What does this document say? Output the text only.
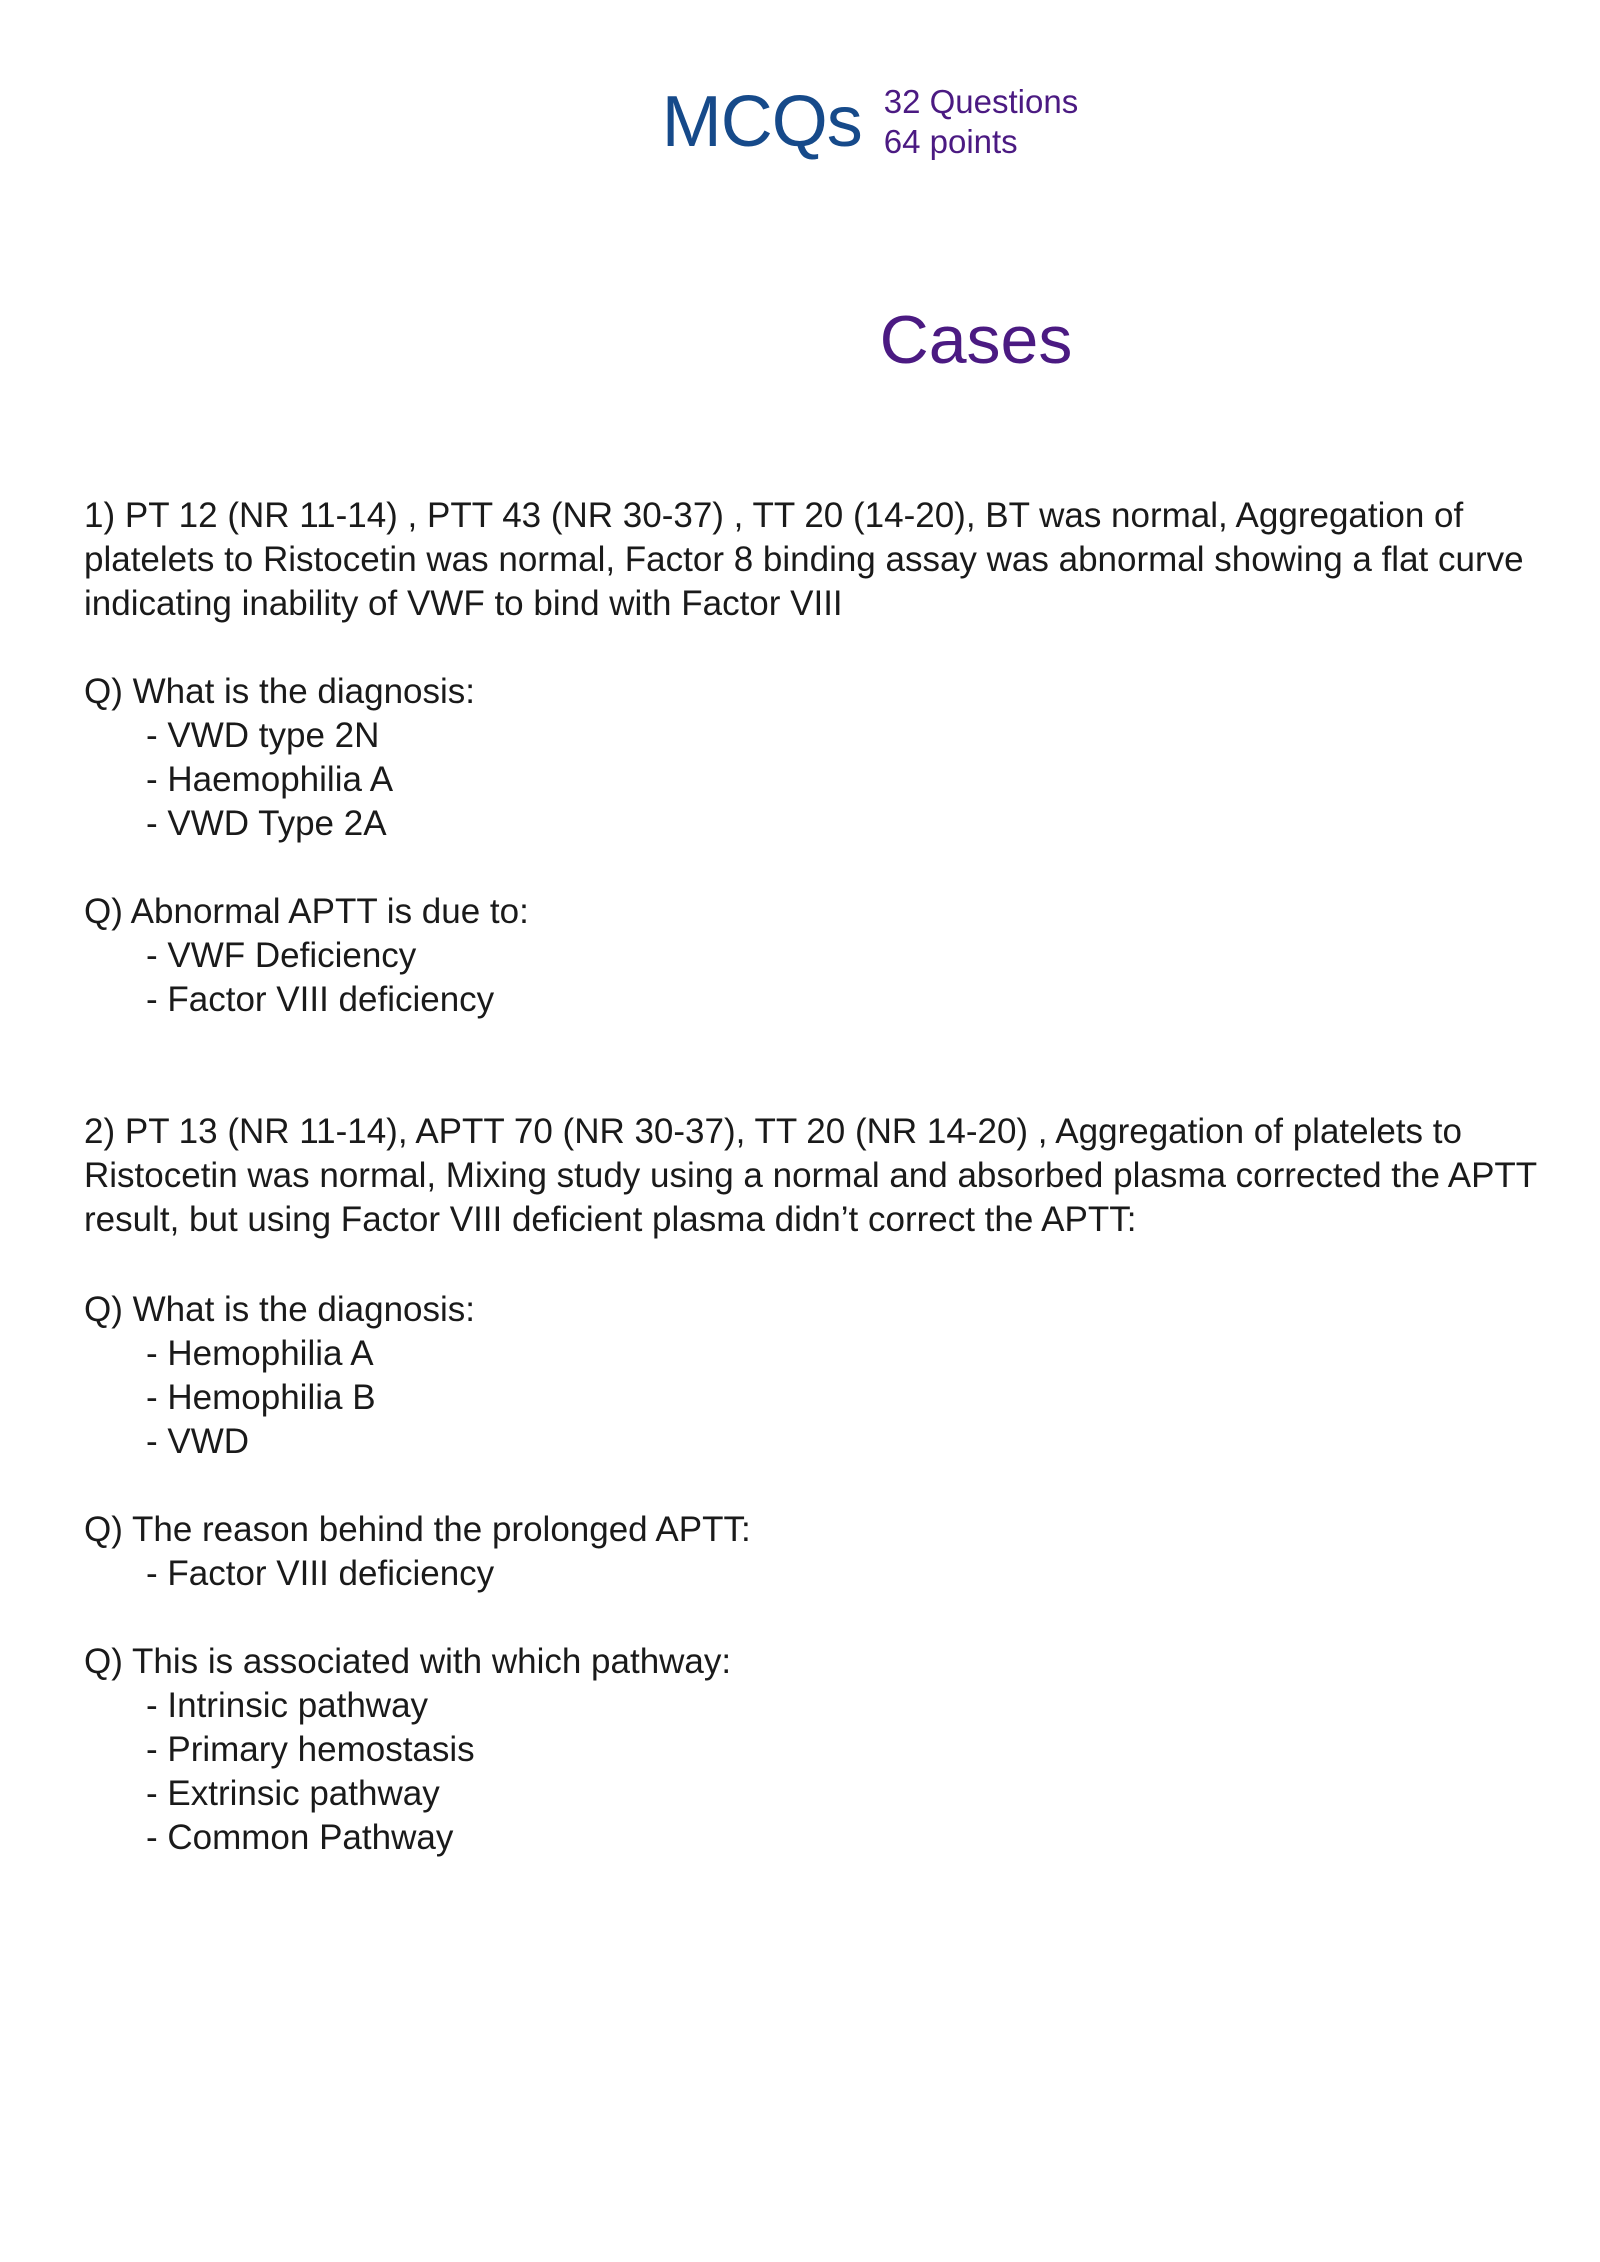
MCQs 32 Questions
64 points
Cases

1) PT 12 (NR 11-14) , PTT 43 (NR 30-37) , TT 20 (14-20), BT was normal, Aggregation of platelets to Ristocetin was normal, Factor 8 binding assay was abnormal showing a flat curve indicating inability of VWF to bind with Factor VIII

Q) What is the diagnosis:
- VWD type 2N
- Haemophilia A
- VWD Type 2A
Q) Abnormal APTT is due to:
- VWF Deficiency
- Factor VIII deficiency

2) PT 13 (NR 11-14), APTT 70 (NR 30-37), TT 20 (NR 14-20) , Aggregation of platelets to Ristocetin was normal, Mixing study using a normal and absorbed plasma corrected the APTT result, but using Factor VIII deficient plasma didn’t correct the APTT:

Q) What is the diagnosis:
- Hemophilia A
- Hemophilia B
- VWD
Q) The reason behind the prolonged APTT:
- Factor VIII deficiency
Q) This is associated with which pathway:
- Intrinsic pathway
- Primary hemostasis
- Extrinsic pathway
- Common Pathway
